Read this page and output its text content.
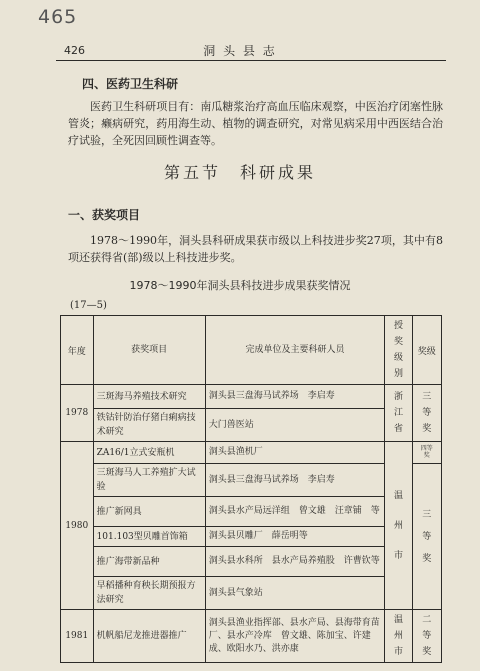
465
426	洞 头 县 志
四、医药卫生科研
医药卫生科研项目有：南瓜糖浆治疗高血压临床观察，中医治疗闭塞性脉管炎；癞病研究，药用海生动、植物的调查研究，对常见病采用中西医结合治疗试验，全死因回顾性调查等。
第五节　科研成果
一、获奖项目
1978～1990年，洞头县科研成果获市级以上科技进步奖27项，其中有8项还获得省(部)级以上科技进步奖。
1978～1990年洞头县科技进步成果获奖情况
(17—5)
年度	获奖项目	完成单位及主要科研人员	授奖级别	奖级
1978	三斑海马养殖技术研究	洞头县三盘海马试养场　李启寿	浙江省	三等奖
	铁钴针防治仔猪白痢病技术研究	大门兽医站		
1980	ZA16/1立式安瓶机	洞头县渔机厂	温州市	四等奖
	三斑海马人工养殖扩大试验	洞头县三盘海马试养场　李启寿		三等奖
	推广新网具	洞头县水产局远洋组　曾文雄　汪章铺　等		
	101.103型贝雕首饰箱	洞头县贝雕厂　薛岳明等		
	推广海带新品种	洞头县水科所　县水产局养殖股　许曹钦等		
	早稻播种育秧长期预报方法研究	洞头县气象站		
1981	机帆船尼龙推进器推广	洞头县渔业指挥部、县水产局、县海带育苗厂、县水产冷库　曾文雄、陈加宝、许建成、欧阳水乃、洪亦康	温州市	二等奖
